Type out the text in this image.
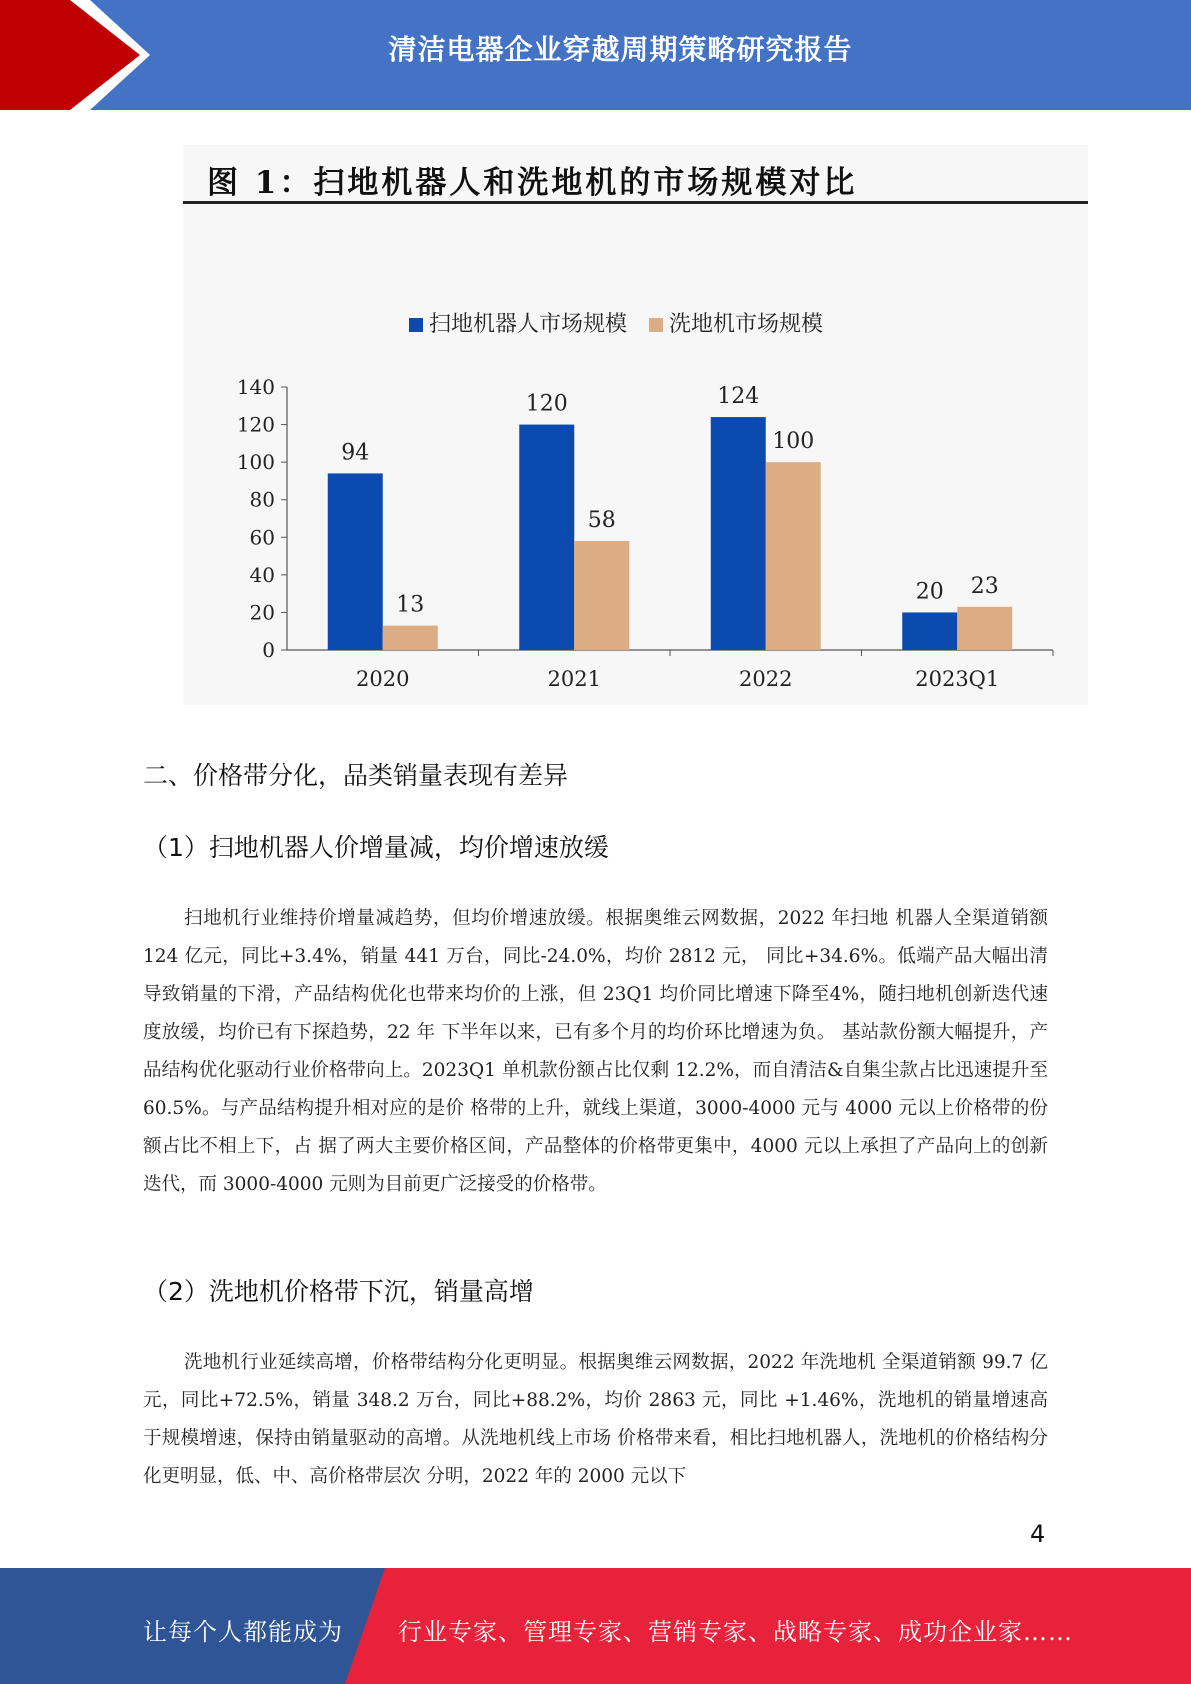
清洁电器企业穿越周期策略研究报告
图 1：扫地机器人和洗地机的市场规模对比
扫地机器人市场规模 洗地机市场规模
0
20
40
60
80
100
120
140
94
13
2020
120
58
2021
124
100
2022
20 23
2023Q1
二、价格带分化，品类销量表现有差异
（1）扫地机器人价增量减，均价增速放缓
扫地机行业维持价增量减趋势，但均价增速放缓。根据奥维云网数据，2022 年扫地 机器人全渠道销额 124 亿元，同比+3.4%，销量 441 万台，同比-24.0%，均价 2812 元， 同比+34.6%。低端产品大幅出清导致销量的下滑，产品结构优化也带来均价的上涨，但 23Q1 均价同比增速下降至4%，随扫地机创新迭代速度放缓，均价已有下探趋势，22 年 下半年以来，已有多个月的均价环比增速为负。 基站款份额大幅提升，产品结构优化驱动行业价格带向上。2023Q1 单机款份额占比仅剩 12.2%，而自清洁&自集尘款占比迅速提升至 60.5%。与产品结构提升相对应的是价 格带的上升，就线上渠道，3000-4000 元与 4000 元以上价格带的份额占比不相上下，占 据了两大主要价格区间，产品整体的价格带更集中，4000 元以上承担了产品向上的创新迭代，而 3000-4000 元则为目前更广泛接受的价格带。
（2）洗地机价格带下沉，销量高增
洗地机行业延续高增，价格带结构分化更明显。根据奥维云网数据，2022 年洗地机 全渠道销额 99.7 亿元，同比+72.5%，销量 348.2 万台，同比+88.2%，均价 2863 元，同比 +1.46%，洗地机的销量增速高于规模增速，保持由销量驱动的高增。从洗地机线上市场 价格带来看，相比扫地机器人，洗地机的价格结构分化更明显，低、中、高价格带层次 分明，2022 年的 2000 元以下
4
让每个人都能成为 行业专家、管理专家、营销专家、战略专家、成功企业家……
